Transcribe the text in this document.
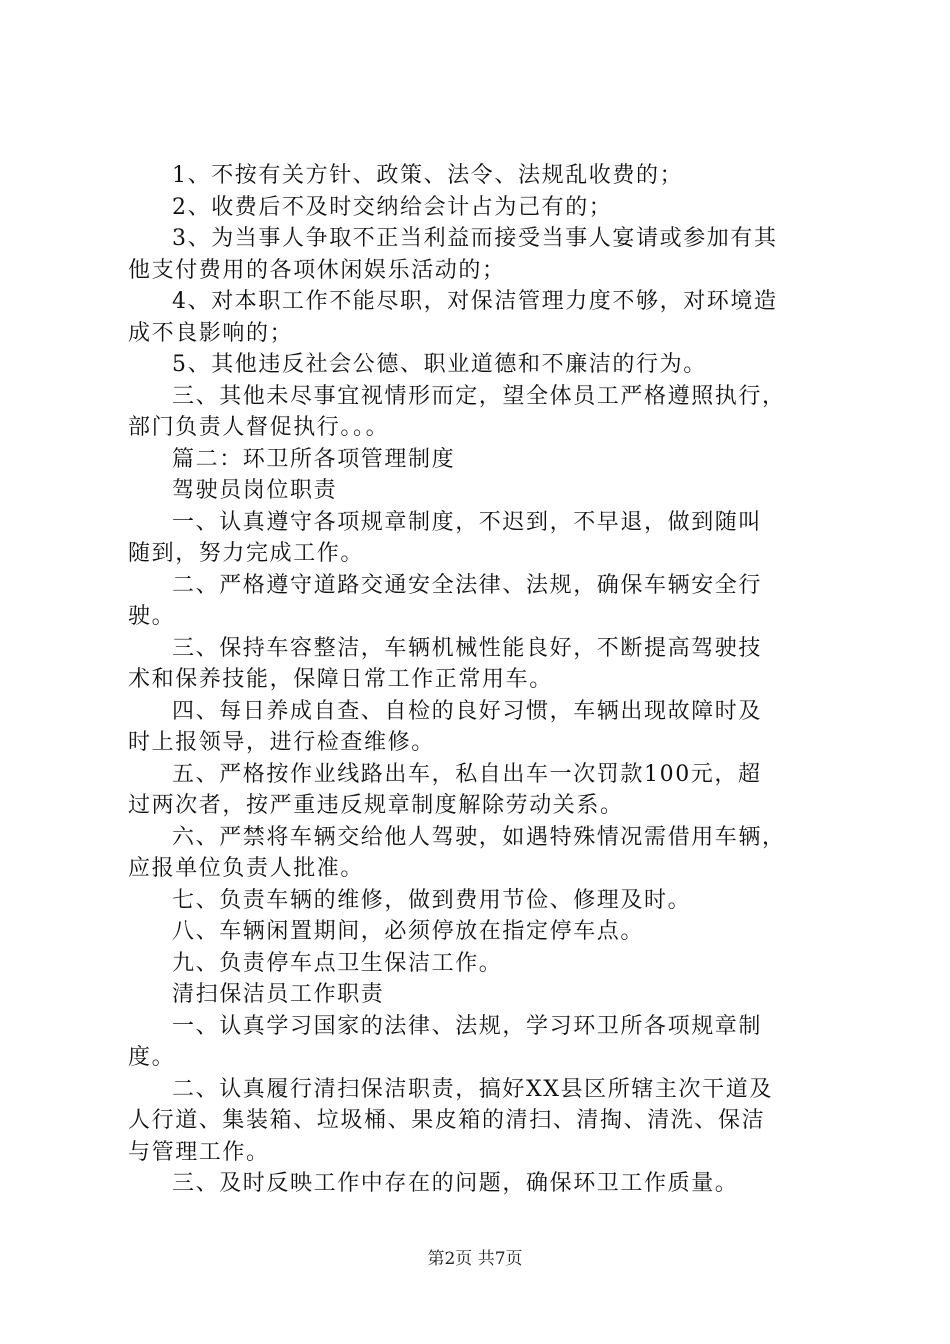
1、不按有关方针、政策、法令、法规乱收费的；
2、收费后不及时交纳给会计占为己有的；
3、为当事人争取不正当利益而接受当事人宴请或参加有其
他支付费用的各项休闲娱乐活动的；
4、对本职工作不能尽职，对保洁管理力度不够，对环境造
成不良影响的；
5、其他违反社会公德、职业道德和不廉洁的行为。
三、其他未尽事宜视情形而定，望全体员工严格遵照执行，
部门负责人督促执行。。。
篇二：环卫所各项管理制度
驾驶员岗位职责
一、认真遵守各项规章制度，不迟到，不早退，做到随叫
随到，努力完成工作。
二、严格遵守道路交通安全法律、法规，确保车辆安全行
驶。
三、保持车容整洁，车辆机械性能良好，不断提高驾驶技
术和保养技能，保障日常工作正常用车。
四、每日养成自查、自检的良好习惯，车辆出现故障时及
时上报领导，进行检查维修。
五、严格按作业线路出车，私自出车一次罚款100元，超
过两次者，按严重违反规章制度解除劳动关系。
六、严禁将车辆交给他人驾驶，如遇特殊情况需借用车辆，
应报单位负责人批准。
七、负责车辆的维修，做到费用节俭、修理及时。
八、车辆闲置期间，必须停放在指定停车点。
九、负责停车点卫生保洁工作。
清扫保洁员工作职责
一、认真学习国家的法律、法规，学习环卫所各项规章制
度。
二、认真履行清扫保洁职责，搞好XX县区所辖主次干道及
人行道、集装箱、垃圾桶、果皮箱的清扫、清掏、清洗、保洁
与管理工作。
三、及时反映工作中存在的问题，确保环卫工作质量。
第2页 共7页
